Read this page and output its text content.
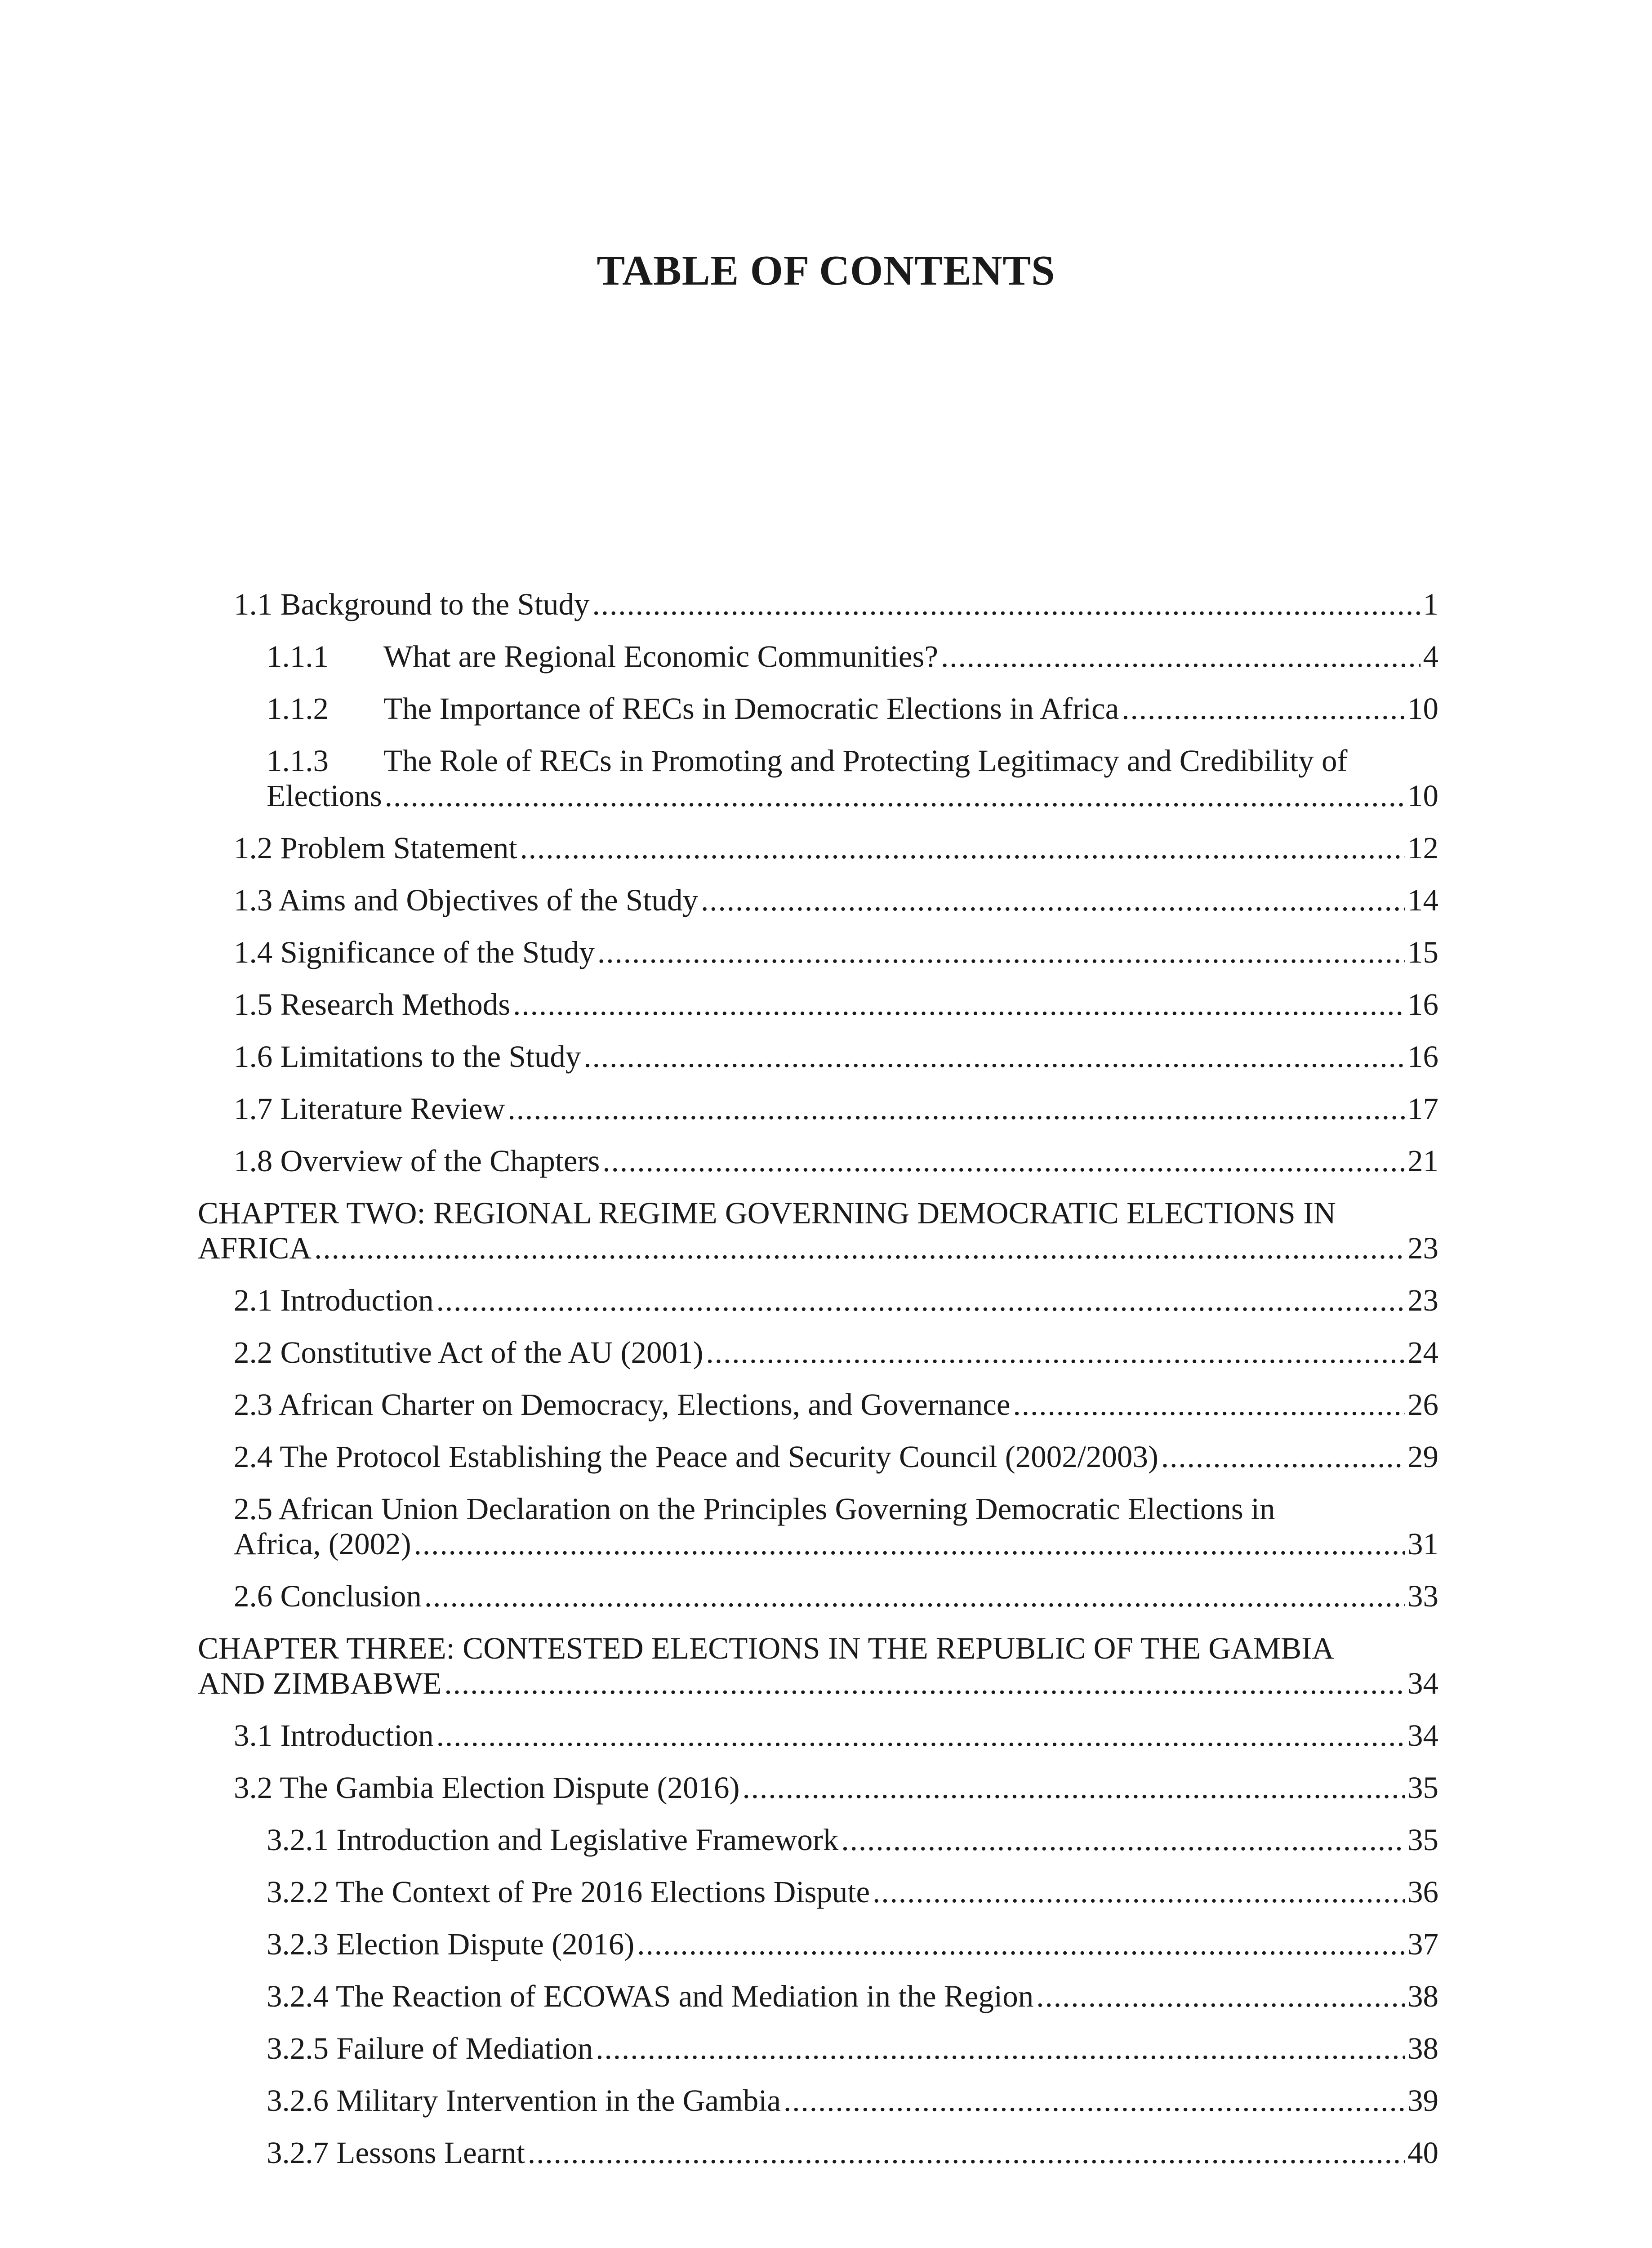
TABLE OF CONTENTS
1.1 Background to the Study .....	1
1.1.1 What are Regional Economic Communities? .....	4
1.1.2 The Importance of RECs in Democratic Elections in Africa .....	10
1.1.3 The Role of RECs in Promoting and Protecting Legitimacy and Credibility of
Elections .....	10
1.2 Problem Statement .....	12
1.3 Aims and Objectives of the Study .....	14
1.4 Significance of the Study .....	15
1.5 Research Methods .....	16
1.6 Limitations to the Study .....	16
1.7 Literature Review .....	17
1.8 Overview of the Chapters .....	21
CHAPTER TWO: REGIONAL REGIME GOVERNING DEMOCRATIC ELECTIONS IN
AFRICA .....	23
2.1 Introduction .....	23
2.2 Constitutive Act of the AU (2001) .....	24
2.3 African Charter on Democracy, Elections, and Governance .....	26
2.4 The Protocol Establishing the Peace and Security Council (2002/2003) .....	29
2.5 African Union Declaration on the Principles Governing Democratic Elections in
Africa, (2002) .....	31
2.6 Conclusion .....	33
CHAPTER THREE: CONTESTED ELECTIONS IN THE REPUBLIC OF THE GAMBIA
AND ZIMBABWE .....	34
3.1 Introduction .....	34
3.2 The Gambia Election Dispute (2016) .....	35
3.2.1 Introduction and Legislative Framework .....	35
3.2.2 The Context of Pre 2016 Elections Dispute .....	36
3.2.3 Election Dispute (2016) .....	37
3.2.4 The Reaction of ECOWAS and Mediation in the Region .....	38
3.2.5 Failure of Mediation .....	38
3.2.6 Military Intervention in the Gambia .....	39
3.2.7 Lessons Learnt .....	40
